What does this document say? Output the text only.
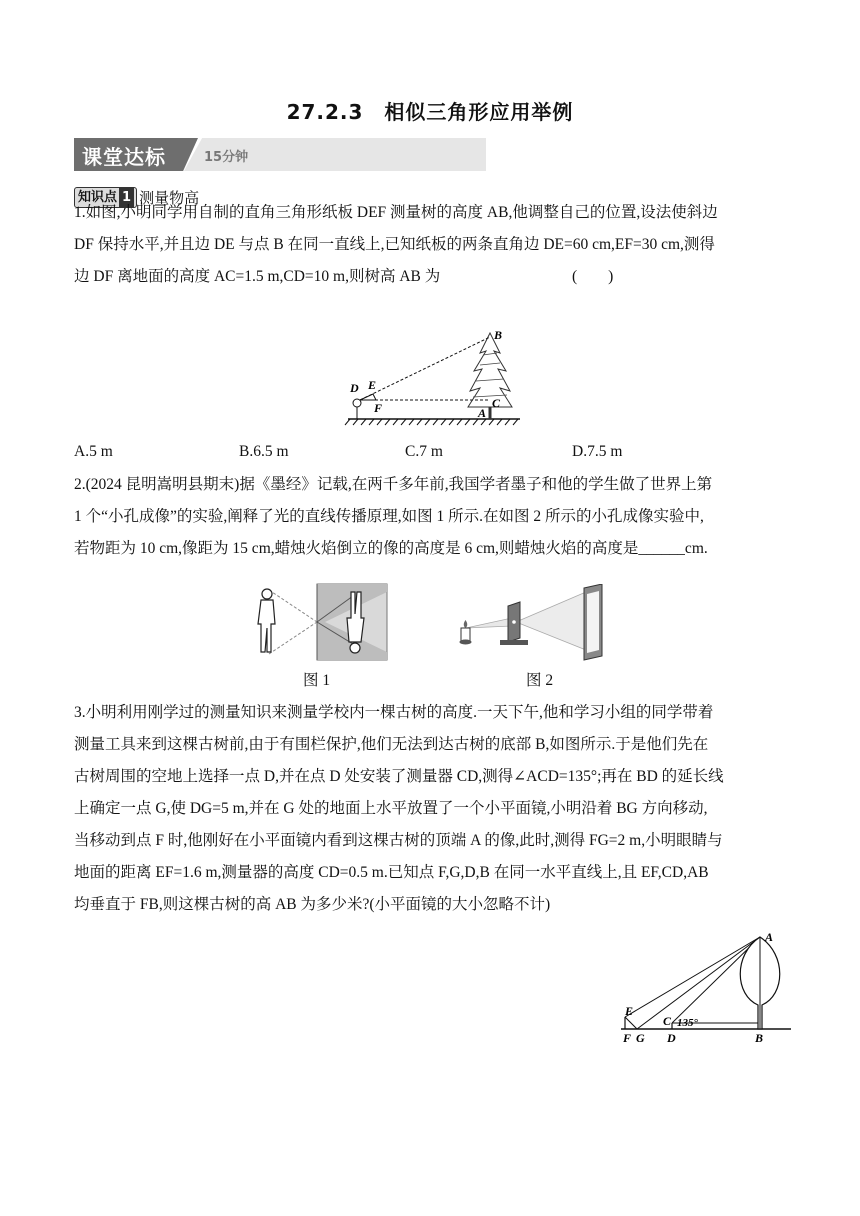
27.2.3　相似三角形应用举例
课堂达标	15分钟
知识点 1 测量物高
1.如图,小明同学用自制的直角三角形纸板 DEF 测量树的高度 AB,他调整自己的位置,设法使斜边
DF 保持水平,并且边 DE 与点 B 在同一直线上,已知纸板的两条直角边 DE=60 cm,EF=30 cm,测得
边 DF 离地面的高度 AC=1.5 m,CD=10 m,则树高 AB 为	(　　)
D E
F
B
C
A
A.5 m	B.6.5 m	C.7 m	D.7.5 m
2.(2024 昆明嵩明县期末)据《墨经》记载,在两千多年前,我国学者墨子和他的学生做了世界上第
1 个“小孔成像”的实验,阐释了光的直线传播原理,如图 1 所示.在如图 2 所示的小孔成像实验中,
若物距为 10 cm,像距为 15 cm,蜡烛火焰倒立的像的高度是 6 cm,则蜡烛火焰的高度是______cm.
图 1	图 2
3.小明利用刚学过的测量知识来测量学校内一棵古树的高度.一天下午,他和学习小组的同学带着
测量工具来到这棵古树前,由于有围栏保护,他们无法到达古树的底部 B,如图所示.于是他们先在
古树周围的空地上选择一点 D,并在点 D 处安装了测量器 CD,测得∠ACD=135°;再在 BD 的延长线
上确定一点 G,使 DG=5 m,并在 G 处的地面上水平放置了一个小平面镜,小明沿着 BG 方向移动,
当移动到点 F 时,他刚好在小平面镜内看到这棵古树的顶端 A 的像,此时,测得 FG=2 m,小明眼睛与
地面的距离 EF=1.6 m,测量器的高度 CD=0.5 m.已知点 F,G,D,B 在同一水平直线上,且 EF,CD,AB
均垂直于 FB,则这棵古树的高 AB 为多少米?(小平面镜的大小忽略不计)
A
E
C 135°
F G D	B
